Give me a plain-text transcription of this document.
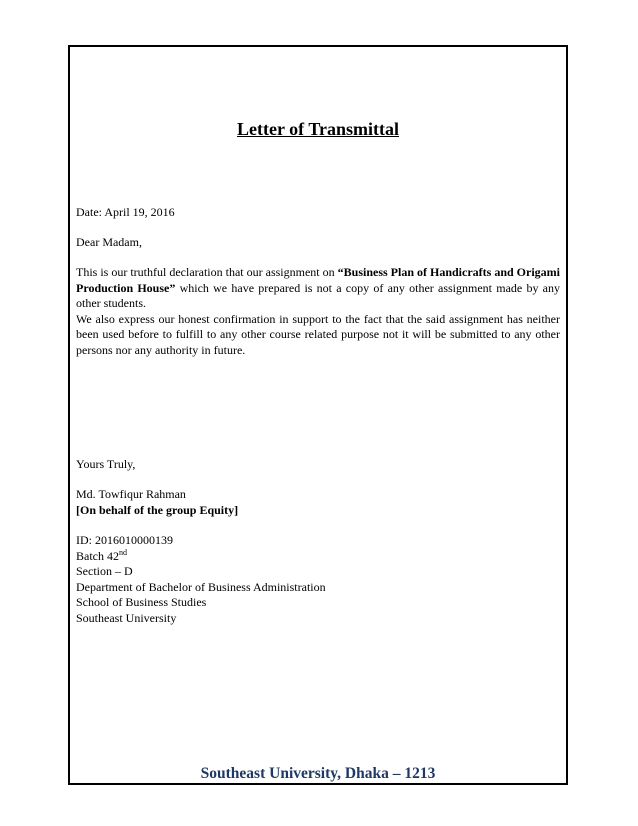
Letter of Transmittal
Date: April 19, 2016
Dear Madam,
This is our truthful declaration that our assignment on “Business Plan of Handicrafts and Origami Production House” which we have prepared is not a copy of any other assignment made by any other students.
We also express our honest confirmation in support to the fact that the said assignment has neither been used before to fulfill to any other course related purpose not it will be submitted to any other persons nor any authority in future.
Yours Truly,
Md. Towfiqur Rahman
[On behalf of the group Equity]
ID: 2016010000139
Batch 42nd
Section – D
Department of Bachelor of Business Administration
School of Business Studies
Southeast University
Southeast University, Dhaka – 1213
